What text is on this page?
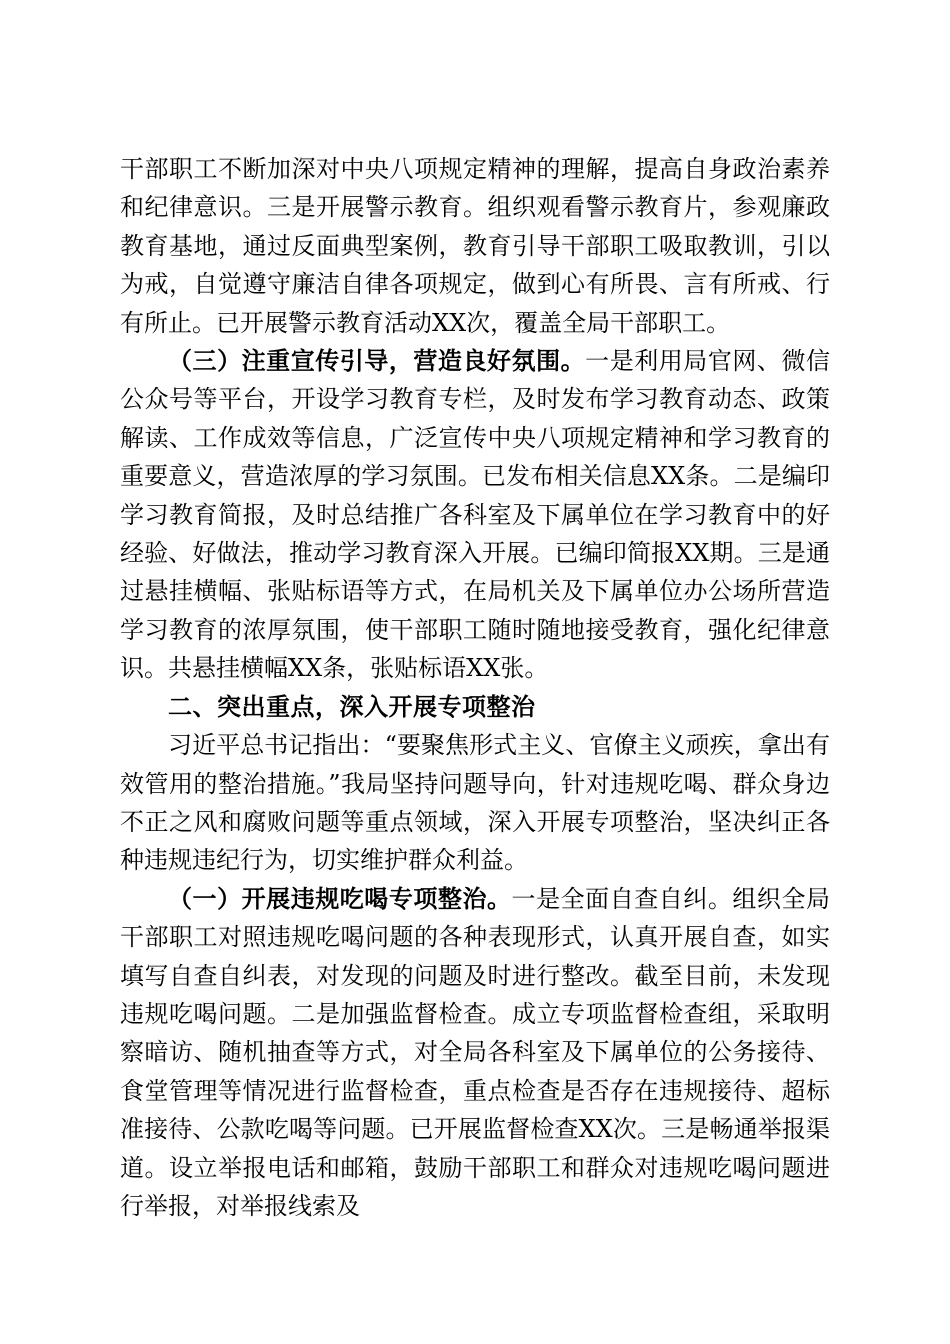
干部职工不断加深对中央八项规定精神的理解，提高自身政治素养和纪律意识。三是开展警示教育。组织观看警示教育片，参观廉政教育基地，通过反面典型案例，教育引导干部职工吸取教训，引以为戒，自觉遵守廉洁自律各项规定，做到心有所畏、言有所戒、行有所止。已开展警示教育活动XX次，覆盖全局干部职工。

（三）注重宣传引导，营造良好氛围。一是利用局官网、微信公众号等平台，开设学习教育专栏，及时发布学习教育动态、政策解读、工作成效等信息，广泛宣传中央八项规定精神和学习教育的重要意义，营造浓厚的学习氛围。已发布相关信息XX条。二是编印学习教育简报，及时总结推广各科室及下属单位在学习教育中的好经验、好做法，推动学习教育深入开展。已编印简报XX期。三是通过悬挂横幅、张贴标语等方式，在局机关及下属单位办公场所营造学习教育的浓厚氛围，使干部职工随时随地接受教育，强化纪律意识。共悬挂横幅XX条，张贴标语XX张。

二、突出重点，深入开展专项整治

习近平总书记指出：“要聚焦形式主义、官僚主义顽疾，拿出有效管用的整治措施。”我局坚持问题导向，针对违规吃喝、群众身边不正之风和腐败问题等重点领域，深入开展专项整治，坚决纠正各种违规违纪行为，切实维护群众利益。

（一）开展违规吃喝专项整治。一是全面自查自纠。组织全局干部职工对照违规吃喝问题的各种表现形式，认真开展自查，如实填写自查自纠表，对发现的问题及时进行整改。截至目前，未发现违规吃喝问题。二是加强监督检查。成立专项监督检查组，采取明察暗访、随机抽查等方式，对全局各科室及下属单位的公务接待、食堂管理等情况进行监督检查，重点检查是否存在违规接待、超标准接待、公款吃喝等问题。已开展监督检查XX次。三是畅通举报渠道。设立举报电话和邮箱，鼓励干部职工和群众对违规吃喝问题进行举报，对举报线索及
